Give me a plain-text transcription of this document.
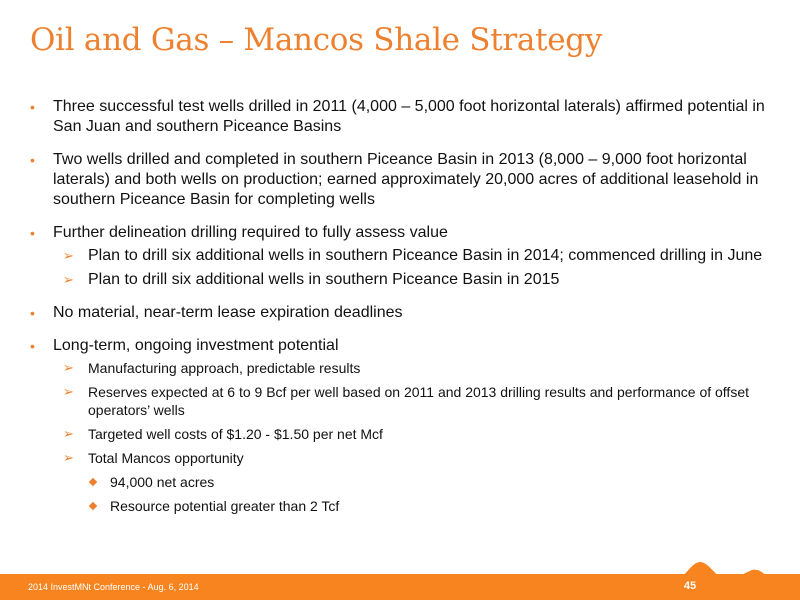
Oil and Gas – Mancos Shale Strategy
• Three successful test wells drilled in 2011 (4,000 – 5,000 foot horizontal laterals) affirmed potential in San Juan and southern Piceance Basins
• Two wells drilled and completed in southern Piceance Basin in 2013 (8,000 – 9,000 foot horizontal laterals) and both wells on production; earned approximately 20,000 acres of additional leasehold in southern Piceance Basin for completing wells
• Further delineation drilling required to fully assess value
➢ Plan to drill six additional wells in southern Piceance Basin in 2014; commenced drilling in June
➢ Plan to drill six additional wells in southern Piceance Basin in 2015
• No material, near-term lease expiration deadlines
• Long-term, ongoing investment potential
➢ Manufacturing approach, predictable results
➢ Reserves expected at 6 to 9 Bcf per well based on 2011 and 2013 drilling results and performance of offset operators’ wells
➢ Targeted well costs of $1.20 - $1.50 per net Mcf
➢ Total Mancos opportunity
94,000 net acres
Resource potential greater than 2 Tcf
2014 InvestMNt Conference - Aug. 6, 2014	45
